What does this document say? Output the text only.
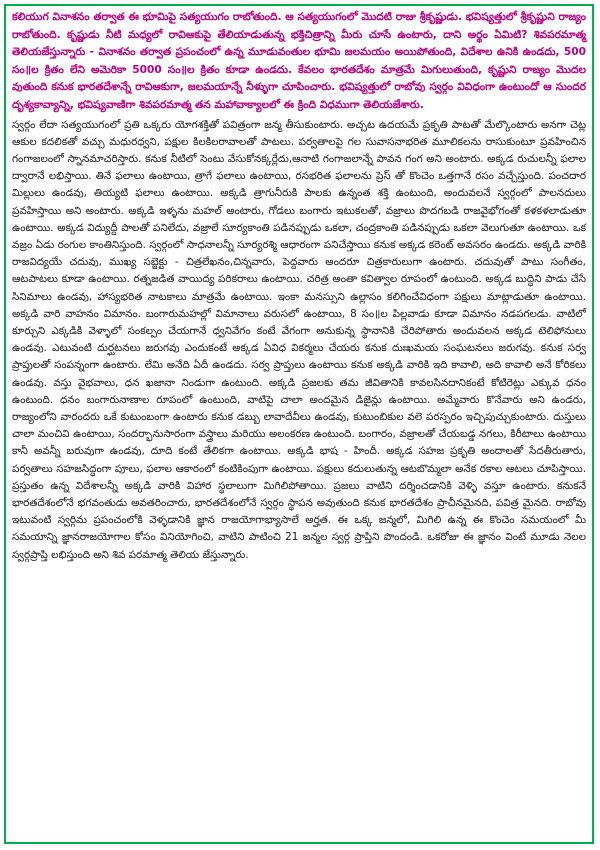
కలియుగ వినాశనం తర్వాత ఈ భూమిపై సత్యయుగం రాబోతుంది. ఆ సత్యయుగంలో మొదటి రాజు శ్రీకృష్ణుడు. భవిష్యత్తులో శ్రీకృష్ణుని రాజ్యం రాబోతుంది. కృష్ణుడు నీటి మధ్యలో రావిఆకుపై తేలియాడుతున్న భక్తిచిత్రాన్ని మీరు చూసే ఉంటారు, దాని అర్థం ఏమిటి? శివపరమాత్మ తెలియజేస్తున్నారు - వినాశనం తర్వాత ప్రపంచంలో ఉన్న మూడువంతుల భూమి జలమయం అయిపోతుంది, విదేశాల ఉనికి ఉండదు, 500 సం॥ల క్రితం లేని అమెరికా 5000 సం॥ల క్రితం కూడా ఉండదు. కేవలం భారతదేశం మాత్రమే మిగులుతుంది, కృష్ణుని రాజ్యం మొదల వుతుంది కనుక భారతదేశాన్నే రావిఆకుగా, జలమయాన్నే నీళ్ళుగా చూపించారు. భవిష్యత్తులో రాబోవు స్వర్గం వివిధంగా ఉంటుందో ఆ సుందర దృశ్యకావ్యాన్ని, భవిష్యవాణిగా శివపరమాత్మ తన మహావాక్యాలలో ఈ క్రింది విధముగా తెలియజేశారు.

స్వర్గం లేదా సత్యయుగంలో ప్రతి ఒక్కరు యోగశక్తితో పవిత్రంగా జన్మ తీసుకుంటారు. అచ్చట ఉదయమే ప్రకృతి పాటతో మేల్కొంటారు అనగా చెట్ల ఆకుల కదలికతో వచ్చు మధురధ్వని, పక్షుల కిలకిలరావాలతో పాటలు. పర్వతాలపై గల సువాసనాభరిత మూలికలను రాసుకుంటూ ప్రవహించిన గంగాజలంలో స్నానమాచరిస్తారు. కనుక నీటిలో సెంటు వేసుకోనక్కర్లేదు,ఆనాటి గంగాజలాన్నే పావన గంగ అని అంటారు. అక్కడ రుచులన్నీ ఫలాల ద్వారానే లభిస్తాయి. తినే ఫలాలు ఉంటాయి, త్రాగే ఫలాలు ఉంటాయి, రసభరిత ఫలాలను ప్రెస్ తో కొంచెం ఒత్తగానే రసం వచ్చేస్తుంది. పంచదార మిల్లులు ఉండవు, తియ్యటి ఫలాలు ఉంటాయి. అక్కడి త్రాగునీరుకి పాలకు ఉన్నంత శక్తి ఉంటుంది, అందువలనే స్వర్గంలో పాలనదులు ప్రవహిస్తాయి అని అంటారు. అక్కడి ఇళ్ళను మహల్ అంటారు, గోడలు బంగారు ఇటుకలతో, వజ్రాలు పొదగబడి రాజవైభోగంతో కళకళలాడుతూ ఉంటాయి. అక్కడ విద్యుద్దీ పాలతో పనిలేదు, వజ్రాలే సూర్యకాంతి పడినప్పుడు ఒకలా, చంద్రకాంతి పడినప్పుడు ఒకలా వెలుగుతూ ఉంటాయి. ఒక వజ్రం ఏడు రంగుల కాంతినిస్తుంది. స్వర్గంలో సాధనాలన్నీ సూర్యరశ్మి ఆధారంగా పనిచేస్తాయి కనుక అక్కడ కరెంట్ అవసరం ఉండదు. అక్కడి వారికి రాజవిద్యయే చదువు, ముఖ్య సబ్జెక్టు - చిత్రలేఖనం,చిన్నవారు, పెద్దవారు అందరూ చిత్రకారులుగా ఉంటారు. చదువుతో పాటు సంగీతం, ఆటపాటలు కూడా ఉంటాయి. రత్నజడిత వాయిద్య పరికరాలు ఉంటాయి. చరిత్ర అంతా కవిత్వాల రూపంలో ఉంటుంది. అక్కడ బుద్ధిని పాడు చేసే సినిమాలు ఉండవు, హాస్యభరిత నాటకాలు మాత్రమే ఉంటాయి. ఇంకా మనస్సుని ఉల్లాసం కలిగించేవిధంగా పక్షులు మాట్లాడుతూ ఉంటాయి. అక్కడి వారి వాహనం విమానం. బంగారుమహల్లో విమానాలు వరుసలో ఉంటాయి, 8 సం॥ల పిల్లవాడు కూడా విమానం నడపగలడు. వాటిలో కూర్చుని ఎక్కడికి వెళ్ళాలో సంకల్పం చేయగానే ధ్వనివేగం కంటే వేగంగా అనుకున్న స్థానానికి చేరిపోతారు అందువలన అక్కడ టెలిఫోనులు ఉండవు. ఎటువంటి దుర్ఘటనలు జరుగవు ఎందుకంటే అక్కడ ఏవిధ వికర్మలు చేయరు కనుక దుఃఖమయ సంఘటనలు జరుగవు. కనుక సర్వ ప్రాప్తులతో సంపన్నంగా ఉంటారు. లేమి అనేది ఏదీ ఉండదు. సర్వ ప్రాప్తులు ఉంటాయి కనుక అక్కడి వారికి ఇది కావాలి, అది కావాలి అనే కోరికలు ఉండవు. వస్తు వైభవాలు, ధన ఖజానా నిండుగా ఉంటుంది. అక్కడి ప్రజలకు తమ జీవితానికి కావలసినదానికంటే కోటిరెట్లు ఎక్కువ ధనం ఉంటుంది. ధనం బంగారునాణాల రూపంలో ఉంటుంది, వాటిపై చాలా అందమైన డిజైన్లు ఉంటాయి. అమ్మేవారు కొనేవారు అని ఉండరు, రాజ్యంలోని వారందరు ఒకే కుటుంబంగా ఉంటారు కనుక డబ్బు లావాదేవీలు ఉండవు, కుటుంబికుల వలె పరస్పరం ఇచ్చిపుచ్చుకుంటారు. దుస్తులు చాలా మంచివి ఉంటాయి, సందర్భానుసారంగా వస్త్రాలు మరియు అలంకరణ ఉంటుంది. బంగారం, వజ్రాలతో చేయబడ్డ నగలు, కిరీటాలు ఉంటాయి కానీ అవన్నీ బరువుగా ఉండవు, దూది కంటే తేలికగా ఉంటాయి. అక్కడి భాష - హిందీ. అక్కడ సహజ ప్రకృతి అందాలతో సేదతీరుతారు, పర్వతాలు సహజసిద్ధంగా పూలు, ఫలాల ఆకారంలో కంటికింపుగా ఉంటాయి. పక్షులు కదులుతున్న ఆటబొమ్మలా అనేక రకాల ఆటలు చూపిస్తాయి. ప్రస్తుతం ఉన్న విదేశాలన్నీ అక్కడి వారికి విహార స్థలాలుగా మిగిలిపోతాయి. ప్రజలు వాటిని దర్శించడానికి వెళ్ళి వస్తూ ఉంటారు. కనుకనే భారతదేశంలోనే భగవంతుడు అవతరించారు, భారతదేశంలోనే స్వర్గం స్థాపన అవుతుంది కనుక భారతదేశం ప్రాచీనమైనది, పవిత్ర మైనది. రాబోవు ఇటువంటి స్వర్గిమ ప్రపంచంలోకి వెళ్ళడానికి జ్ఞాన రాజయోగాభ్యాసాలే అర్హత. ఈ ఒక్క జన్మలో, మిగిలి ఉన్న ఈ కొంచెం సమయంలో మీ సమయాన్ని జ్ఞానరాజయోగాల కోసం వినియోగించి, వాటిని పాటించి 21 జన్మల స్వర్గ ప్రాప్తిని పొందండి. ఒకరోజు ఈ జ్ఞానం వింటే మూడు నెలల స్వర్గప్రాప్తి లభిస్తుంది అని శివ పరమాత్మ తెలియ జేస్తున్నారు.
